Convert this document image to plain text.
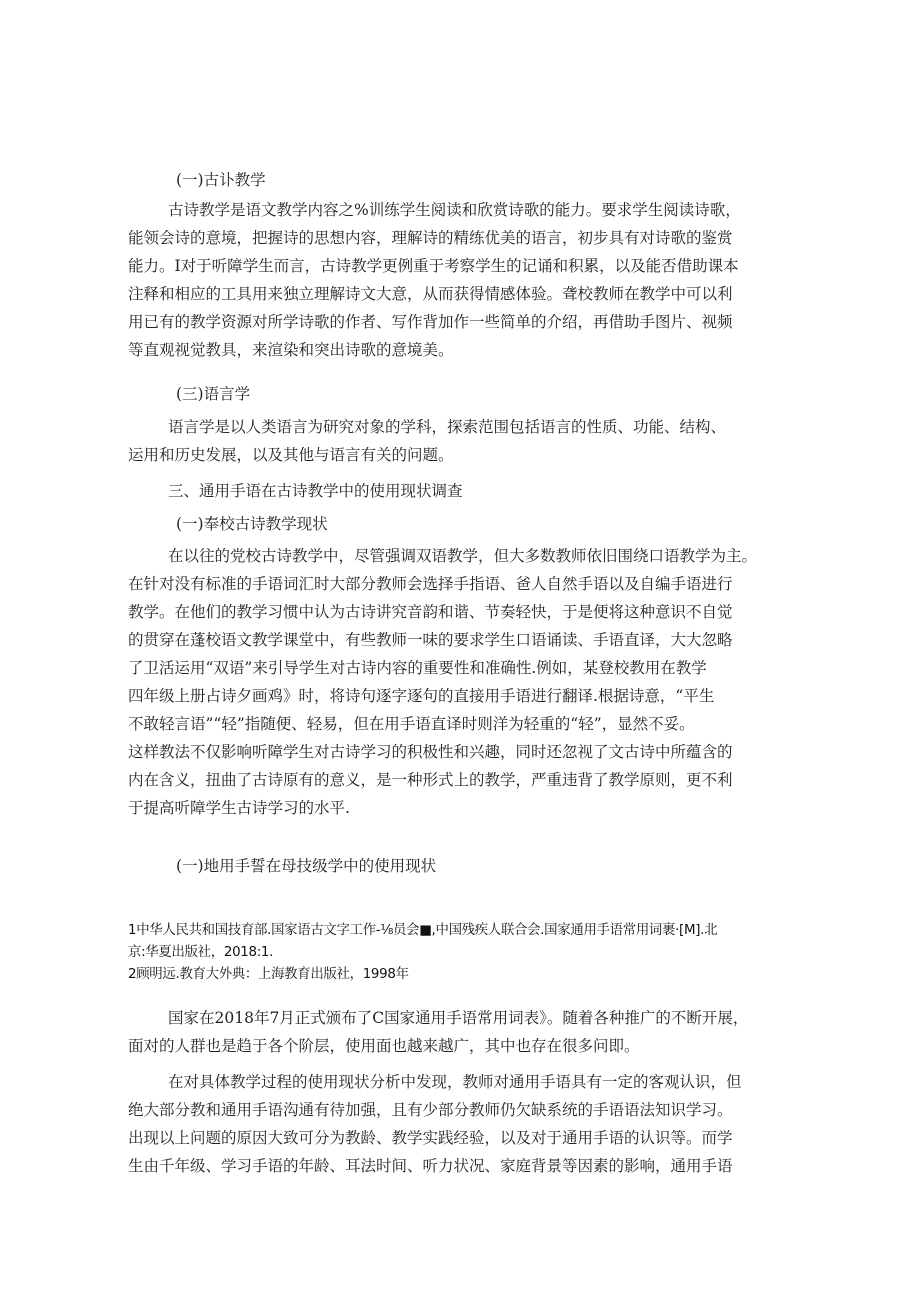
(一)古讣教学
古诗教学是语文教学内容之%训练学生阅读和欣赏诗歌的能力。要求学生阅读诗歌，
能领会诗的意境，把握诗的思想内容，理解诗的精练优美的语言，初步具有对诗歌的鉴赏
能力。I对于听障学生而言，古诗教学更例重于考察学生的记诵和积累，以及能否借助课本
注释和相应的工具用来独立理解诗文大意，从而获得情感体验。聋校教师在教学中可以利
用已有的教学资源对所学诗歌的作者、写作背加作一些简单的介绍，再借助手图片、视频
等直观视觉教具，来渲染和突出诗歌的意境美。
(三)语言学
语言学是以人类语言为研究对象的学科，探索范围包括语言的性质、功能、结构、
运用和历史发展，以及其他与语言有关的问题。
三、通用手语在古诗教学中的使用现状调查
(一)奉校古诗教学现状
在以往的党校古诗教学中，尽管强调双语教学，但大多数教师依旧围绕口语教学为主。
在针对没有标准的手语词汇时大部分教师会选择手指语、爸人自然手语以及自编手语进行
教学。在他们的教学习惯中认为古诗讲究音韵和谐、节奏轻快，于是便将这种意识不自觉
的贯穿在蓬校语文教学课堂中，有些教师一味的要求学生口语诵读、手语直译，大大忽略
了卫活运用“双语”来引导学生对古诗内容的重要性和准确性.例如，某登校教用在教学
四年级上册占诗夕画鸡》时，将诗句逐字逐句的直接用手语进行翻译.根据诗意，“平生
不敢轻言语”“轻”指随便、轻易，但在用手语直译时则洋为轻重的“轻”，显然不妥。
这样教法不仅影响听障学生对古诗学习的积极性和兴趣，同时还忽视了文古诗中所蕴含的
内在含义，扭曲了古诗原有的意义，是一种形式上的教学，严重违背了教学原则，更不利
于提高听障学生古诗学习的水平.
(一)地用手誓在母技级学中的使用现状
1中华人民共和国技育部.国家语古文字工作-⅛员会■,中国残疾人联合会.国家通用手语常用词裹·[M].北
京:华夏出版社，2018:1.
2顾明远.教育大外典：上海教育出版社，1998年
国家在2018年7月正式颁布了C国家通用手语常用词表》。随着各种推广的不断开展，
面对的人群也是趋于各个阶层，使用面也越来越广，其中也存在很多问即。
在对具体教学过程的使用现状分析中发现，教师对通用手语具有一定的客观认识，但
绝大部分教和通用手语沟通有待加强，且有少部分教师仍欠缺系统的手语语法知识学习。
出现以上问题的原因大致可分为教龄、教学实践经验，以及对于通用手语的认识等。而学
生由千年级、学习手语的年龄、耳法时间、听力状况、家庭背景等因素的影响，通用手语
